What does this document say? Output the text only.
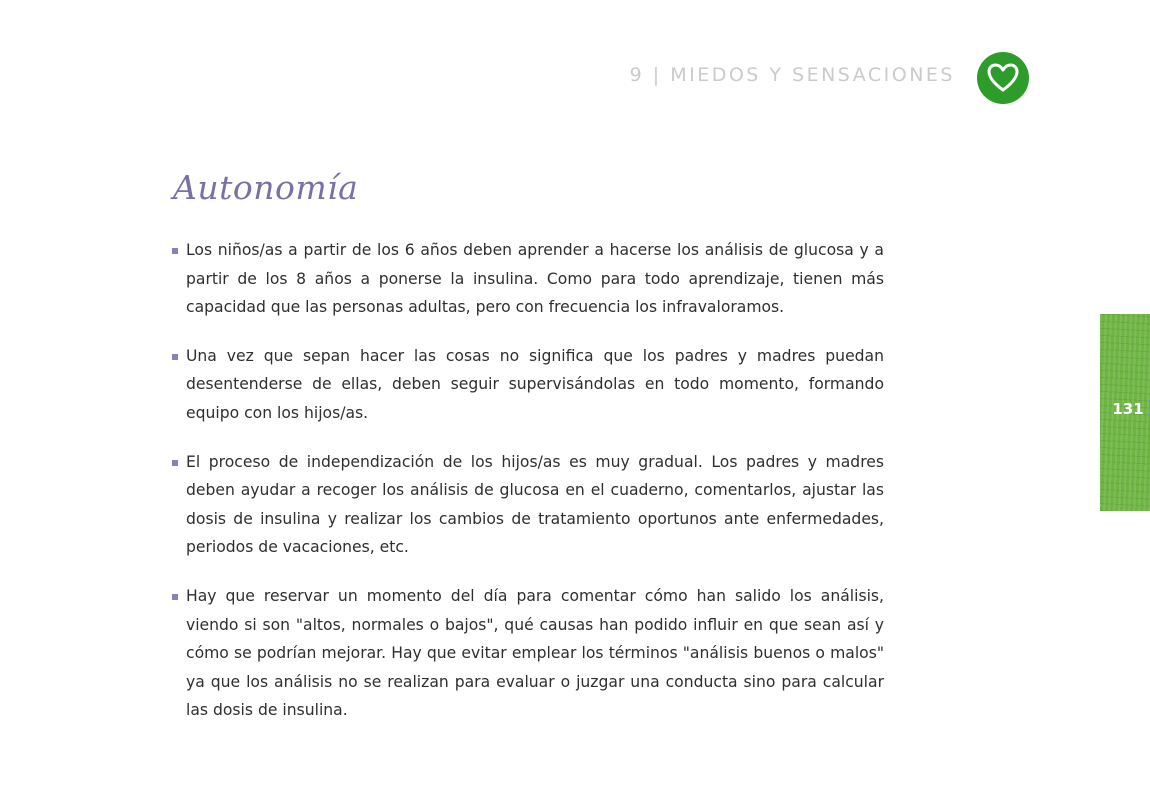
9 | MIEDOS Y SENSACIONES
Autonomía

Los niños/as a partir de los 6 años deben aprender a hacerse los análisis de glucosa y a partir de los 8 años a ponerse la insulina. Como para todo aprendizaje, tienen más capacidad que las personas adultas, pero con frecuencia los infravaloramos.

Una vez que sepan hacer las cosas no significa que los padres y madres puedan desentenderse de ellas, deben seguir supervisándolas en todo momento, formando equipo con los hijos/as.

El proceso de independización de los hijos/as es muy gradual. Los padres y madres deben ayudar a recoger los análisis de glucosa en el cuaderno, comentarlos, ajustar las dosis de insulina y realizar los cambios de tratamiento oportunos ante enfermedades, periodos de vacaciones, etc.

Hay que reservar un momento del día para comentar cómo han salido los análisis, viendo si son "altos, normales o bajos", qué causas han podido influir en que sean así y cómo se podrían mejorar. Hay que evitar emplear los términos "análisis buenos o malos" ya que los análisis no se realizan para evaluar o juzgar una conducta sino para calcular las dosis de insulina.

131
